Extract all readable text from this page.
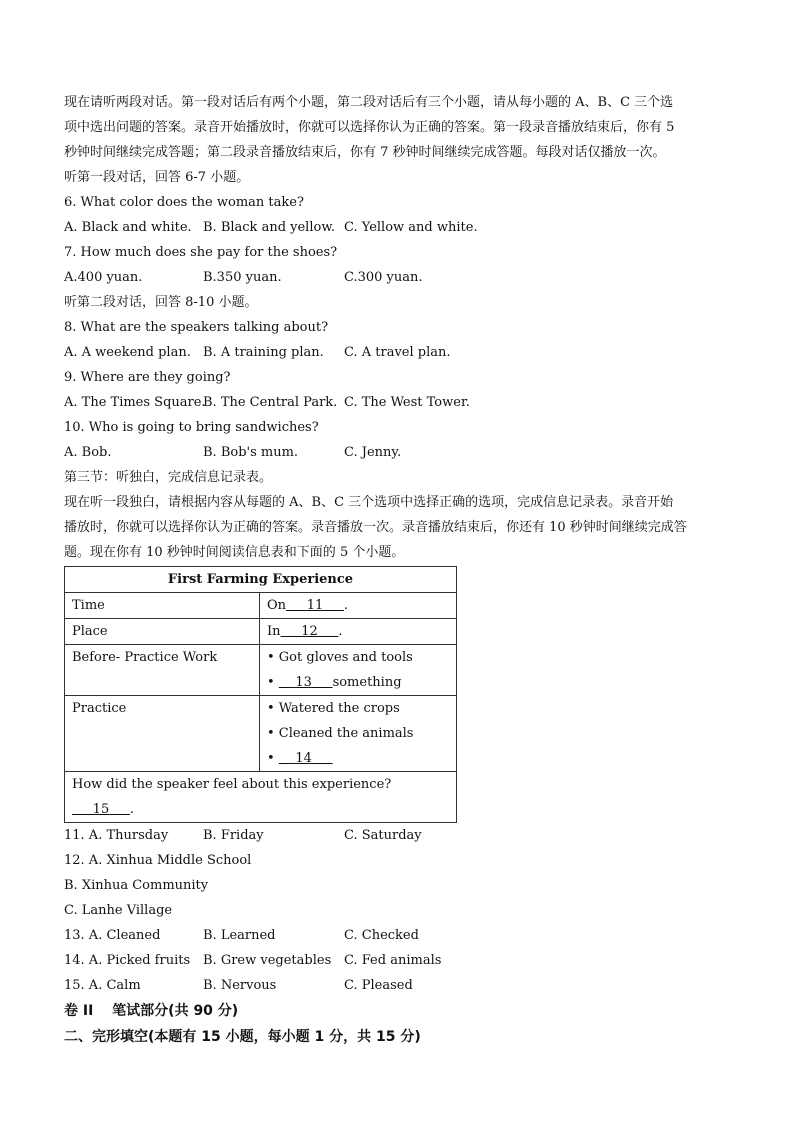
现在请听两段对话。第一段对话后有两个小题，第二段对话后有三个小题，请从每小题的 A、B、C 三个选
项中选出问题的答案。录音开始播放时，你就可以选择你认为正确的答案。第一段录音播放结束后，你有 5
秒钟时间继续完成答题；第二段录音播放结束后，你有 7 秒钟时间继续完成答题。每段对话仅播放一次。
听第一段对话，回答 6-7 小题。
6. What color does the woman take?
A. Black and white. B. Black and yellow. C. Yellow and white.
7. How much does she pay for the shoes?
A.400 yuan.	B.350 yuan.	C.300 yuan.
听第二段对话，回答 8-10 小题。
8. What are the speakers talking about?
A. A weekend plan. B. A training plan. C. A travel plan.
9. Where are they going?
A. The Times Square.
B. The Central Park. C. The West Tower.
10. Who is going to bring sandwiches?
A. Bob.	B. Bob's mum.	C. Jenny.
第三节：听独白，完成信息记录表。
现在听一段独白，请根据内容从每题的 A、B、C 三个选项中选择正确的选项，完成信息记录表。录音开始
播放时，你就可以选择你认为正确的答案。录音播放一次。录音播放结束后，你还有 10 秒钟时间继续完成答
题。现在你有 10 秒钟时间阅读信息表和下面的 5 个小题。
First Farming Experience	
Time	On 11 .
Place	In 12 .
Before- Practice Work	• Got gloves and tools
• 13 something

Practice	• Watered the crops
• Cleaned the animals
• 14

How did the speaker feel about this experience?     15 .	
11. A. Thursday	B. Friday	C. Saturday
12. A. Xinhua Middle School
B. Xinhua Community
C. Lanhe Village
13. A. Cleaned	B. Learned	C. Checked
14. A. Picked fruits B. Grew vegetables C. Fed animals
15. A. Calm	B. Nervous	C. Pleased
卷 II　 笔试部分(共 90 分)
二、完形填空(本题有 15 小题，每小题 1 分，共 15 分)
